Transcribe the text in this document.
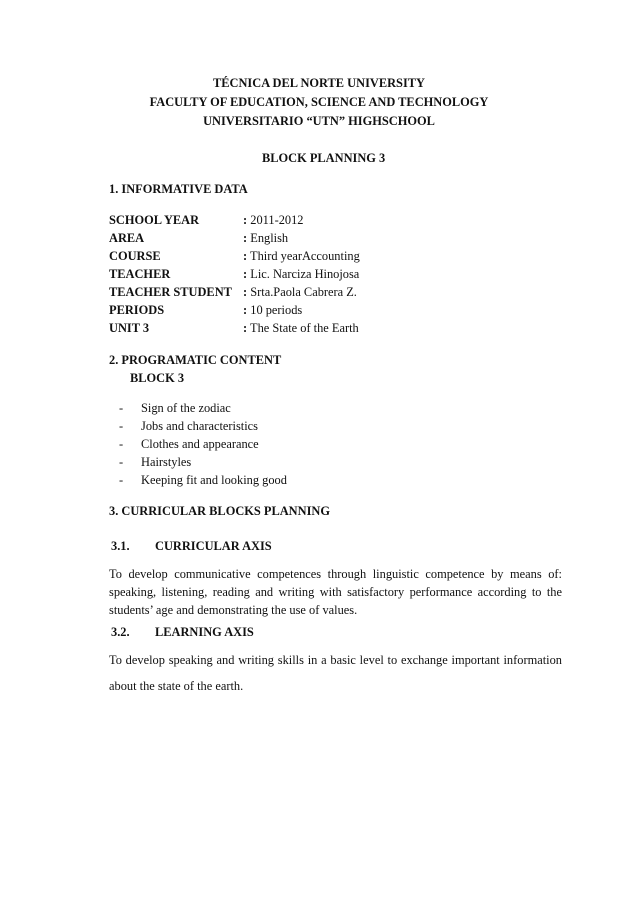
TÉCNICA DEL NORTE UNIVERSITY
FACULTY OF EDUCATION, SCIENCE AND TECHNOLOGY
UNIVERSITARIO “UTN” HIGHSCHOOL
BLOCK PLANNING 3
1. INFORMATIVE DATA
SCHOOL YEAR	: 2011-2012
AREA	: English
COURSE	: Third yearAccounting
TEACHER	: Lic. Narciza Hinojosa
TEACHER STUDENT : Srta.Paola Cabrera Z.
PERIODS	: 10 periods
UNIT 3	: The State of the Earth
2. PROGRAMATIC CONTENT
BLOCK 3
- Sign of the zodiac
- Jobs and characteristics
- Clothes and appearance
- Hairstyles
- Keeping fit and looking good
3. CURRICULAR BLOCKS PLANNING
3.1. CURRICULAR AXIS
To develop communicative competences through linguistic competence by means of: speaking, listening, reading and writing with satisfactory performance according to the students’ age and demonstrating the use of values.
3.2. LEARNING AXIS
To develop speaking and writing skills in a basic level to exchange important information about the state of the earth.
